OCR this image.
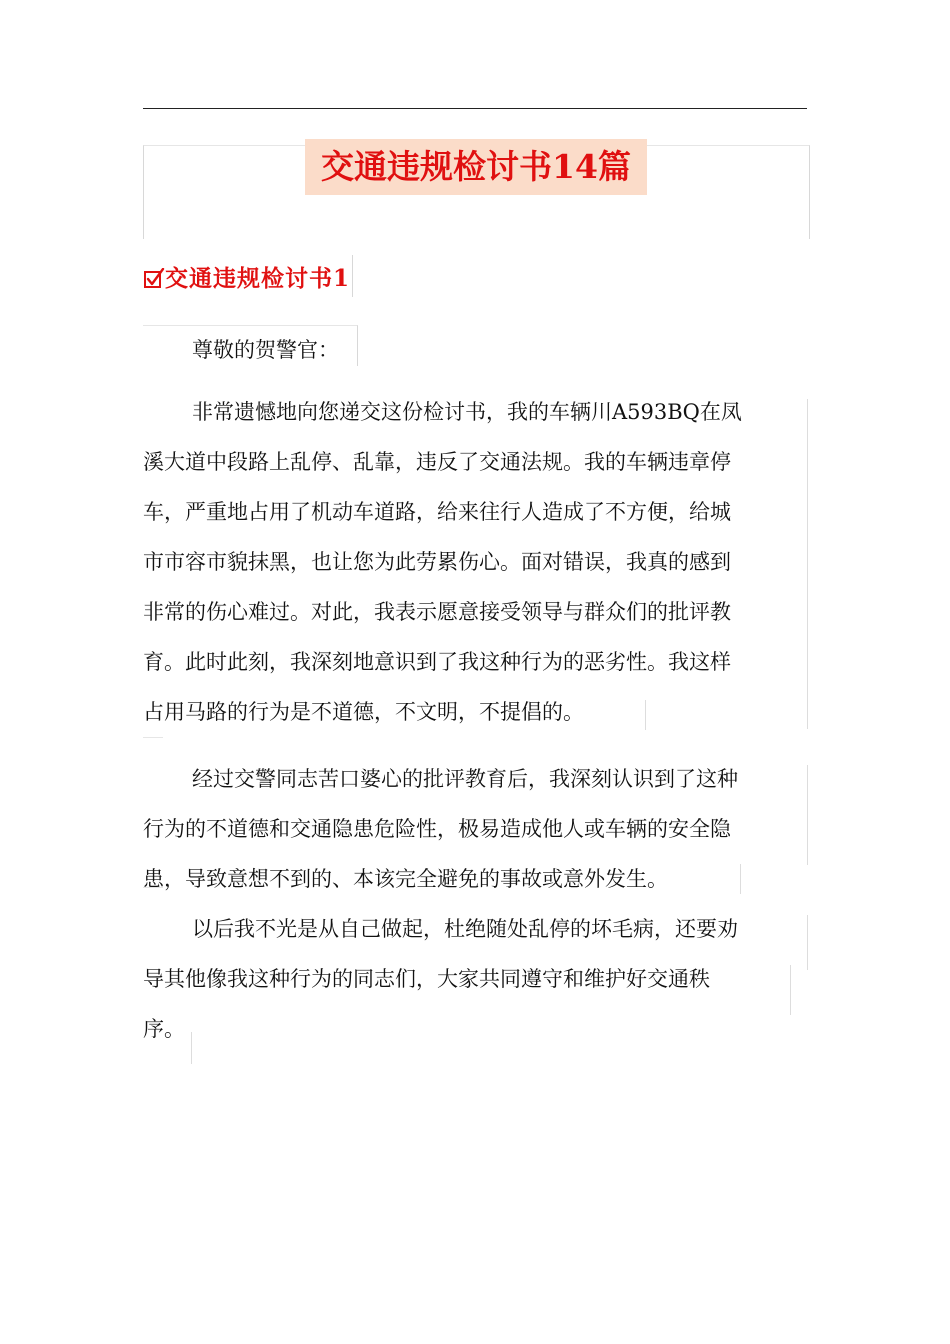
交通违规检讨书14篇
交通违规检讨书1
尊敬的贺警官：
非常遗憾地向您递交这份检讨书，我的车辆川A593BQ在凤
溪大道中段路上乱停、乱靠，违反了交通法规。我的车辆违章停
车，严重地占用了机动车道路，给来往行人造成了不方便，给城
市市容市貌抹黑，也让您为此劳累伤心。面对错误，我真的感到
非常的伤心难过。对此，我表示愿意接受领导与群众们的批评教
育。此时此刻，我深刻地意识到了我这种行为的恶劣性。我这样
占用马路的行为是不道德，不文明，不提倡的。
经过交警同志苦口婆心的批评教育后，我深刻认识到了这种
行为的不道德和交通隐患危险性，极易造成他人或车辆的安全隐
患，导致意想不到的、本该完全避免的事故或意外发生。
以后我不光是从自己做起，杜绝随处乱停的坏毛病，还要劝
导其他像我这种行为的同志们，大家共同遵守和维护好交通秩
序。
